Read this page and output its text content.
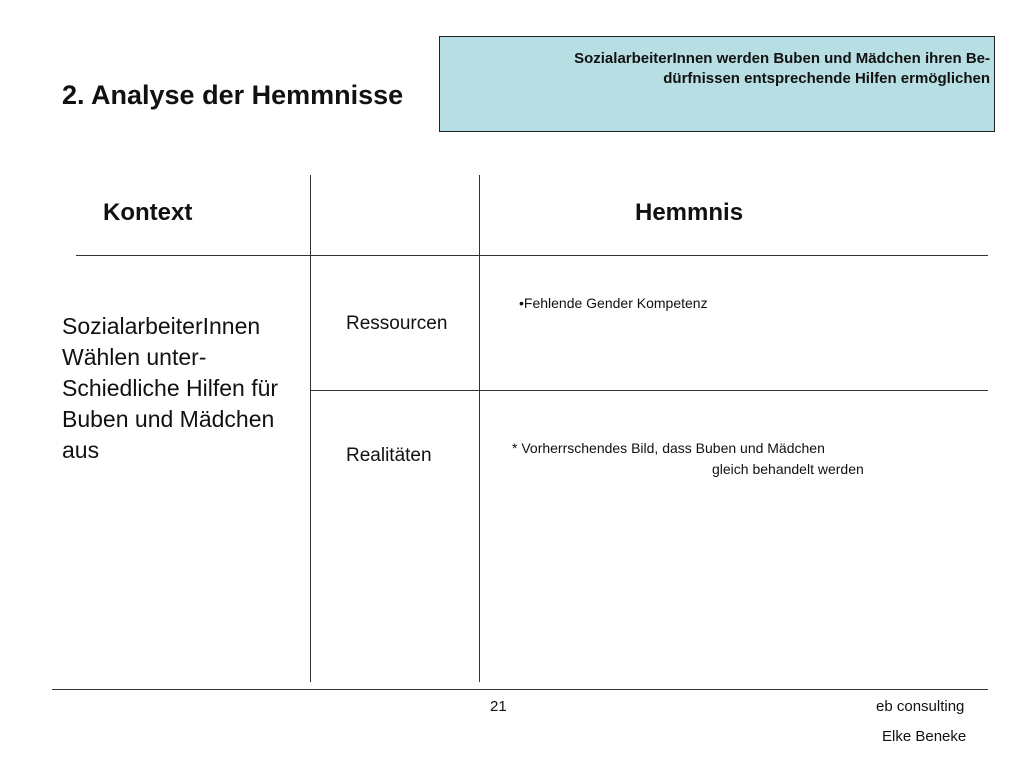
2. Analyse der Hemmnisse
SozialarbeiterInnen werden Buben und Mädchen ihren Be-
dürfnissen entsprechende Hilfen ermöglichen
Kontext	Hemmnis
SozialarbeiterInnen
Wählen unter-
Schiedliche Hilfen für
Buben und Mädchen
aus
Ressourcen
Realitäten
•Fehlende Gender Kompetenz
* Vorherrschendes Bild, dass Buben und Mädchen
gleich behandelt werden
21	eb consulting
Elke Beneke
